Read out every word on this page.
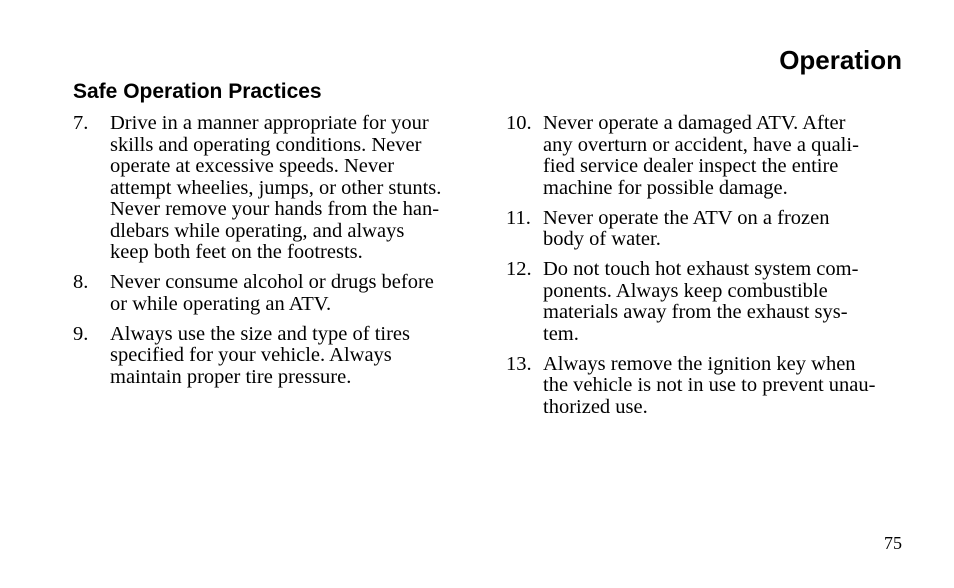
Operation
Safe Operation Practices
7.	Drive in a manner appropriate for your
skills and operating conditions. Never
operate at excessive speeds. Never
attempt wheelies, jumps, or other stunts.
Never remove your hands from the han-
dlebars while operating, and always
keep both feet on the footrests.
8.	Never consume alcohol or drugs before
or while operating an ATV.
9.	Always use the size and type of tires
specified for your vehicle. Always
maintain proper tire pressure.
10. Never operate a damaged ATV. After
any overturn or accident, have a quali-
fied service dealer inspect the entire
machine for possible damage.
11. Never operate the ATV on a frozen
body of water.
12. Do not touch hot exhaust system com-
ponents. Always keep combustible
materials away from the exhaust sys-
tem.
13. Always remove the ignition key when
the vehicle is not in use to prevent unau-
thorized use.

75
